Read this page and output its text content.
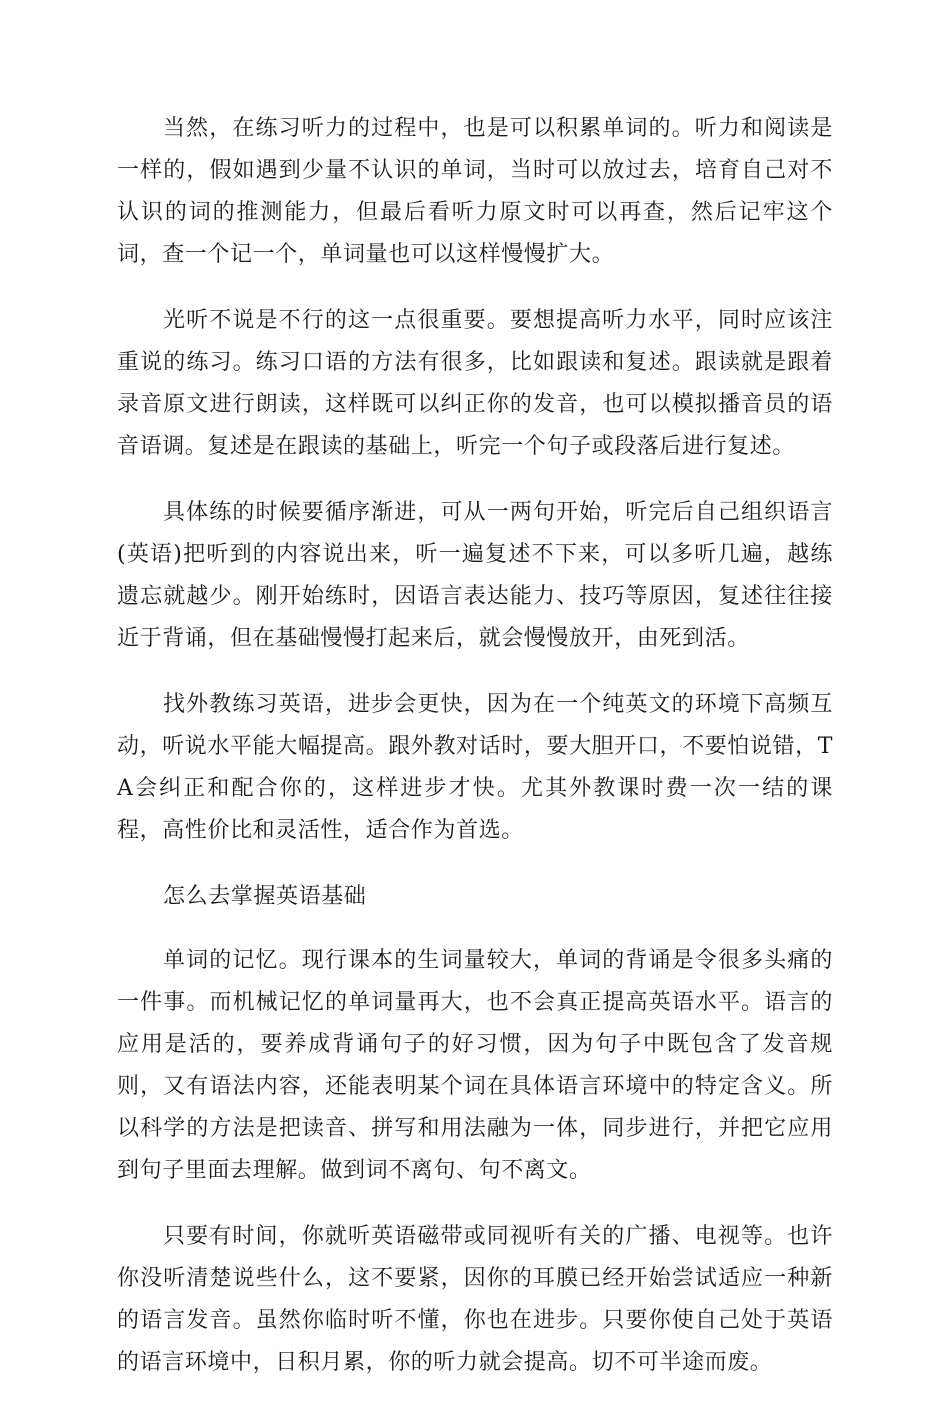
当然，在练习听力的过程中，也是可以积累单词的。听力和阅读是一样的，假如遇到少量不认识的单词，当时可以放过去，培育自己对不认识的词的推测能力，但最后看听力原文时可以再查，然后记牢这个词，查一个记一个，单词量也可以这样慢慢扩大。

光听不说是不行的这一点很重要。要想提高听力水平，同时应该注重说的练习。练习口语的方法有很多，比如跟读和复述。跟读就是跟着录音原文进行朗读，这样既可以纠正你的发音，也可以模拟播音员的语音语调。复述是在跟读的基础上，听完一个句子或段落后进行复述。

具体练的时候要循序渐进，可从一两句开始，听完后自己组织语言(英语)把听到的内容说出来，听一遍复述不下来，可以多听几遍，越练遗忘就越少。刚开始练时，因语言表达能力、技巧等原因，复述往往接近于背诵，但在基础慢慢打起来后，就会慢慢放开，由死到活。

找外教练习英语，进步会更快，因为在一个纯英文的环境下高频互动，听说水平能大幅提高。跟外教对话时，要大胆开口，不要怕说错，TA会纠正和配合你的，这样进步才快。尤其外教课时费一次一结的课程，高性价比和灵活性，适合作为首选。

怎么去掌握英语基础

单词的记忆。现行课本的生词量较大，单词的背诵是令很多头痛的一件事。而机械记忆的单词量再大，也不会真正提高英语水平。语言的应用是活的，要养成背诵句子的好习惯，因为句子中既包含了发音规则，又有语法内容，还能表明某个词在具体语言环境中的特定含义。所以科学的方法是把读音、拼写和用法融为一体，同步进行，并把它应用到句子里面去理解。做到词不离句、句不离文。

只要有时间，你就听英语磁带或同视听有关的广播、电视等。也许你没听清楚说些什么，这不要紧，因你的耳膜已经开始尝试适应一种新的语言发音。虽然你临时听不懂，你也在进步。只要你使自己处于英语的语言环境中，日积月累，你的听力就会提高。切不可半途而废。
